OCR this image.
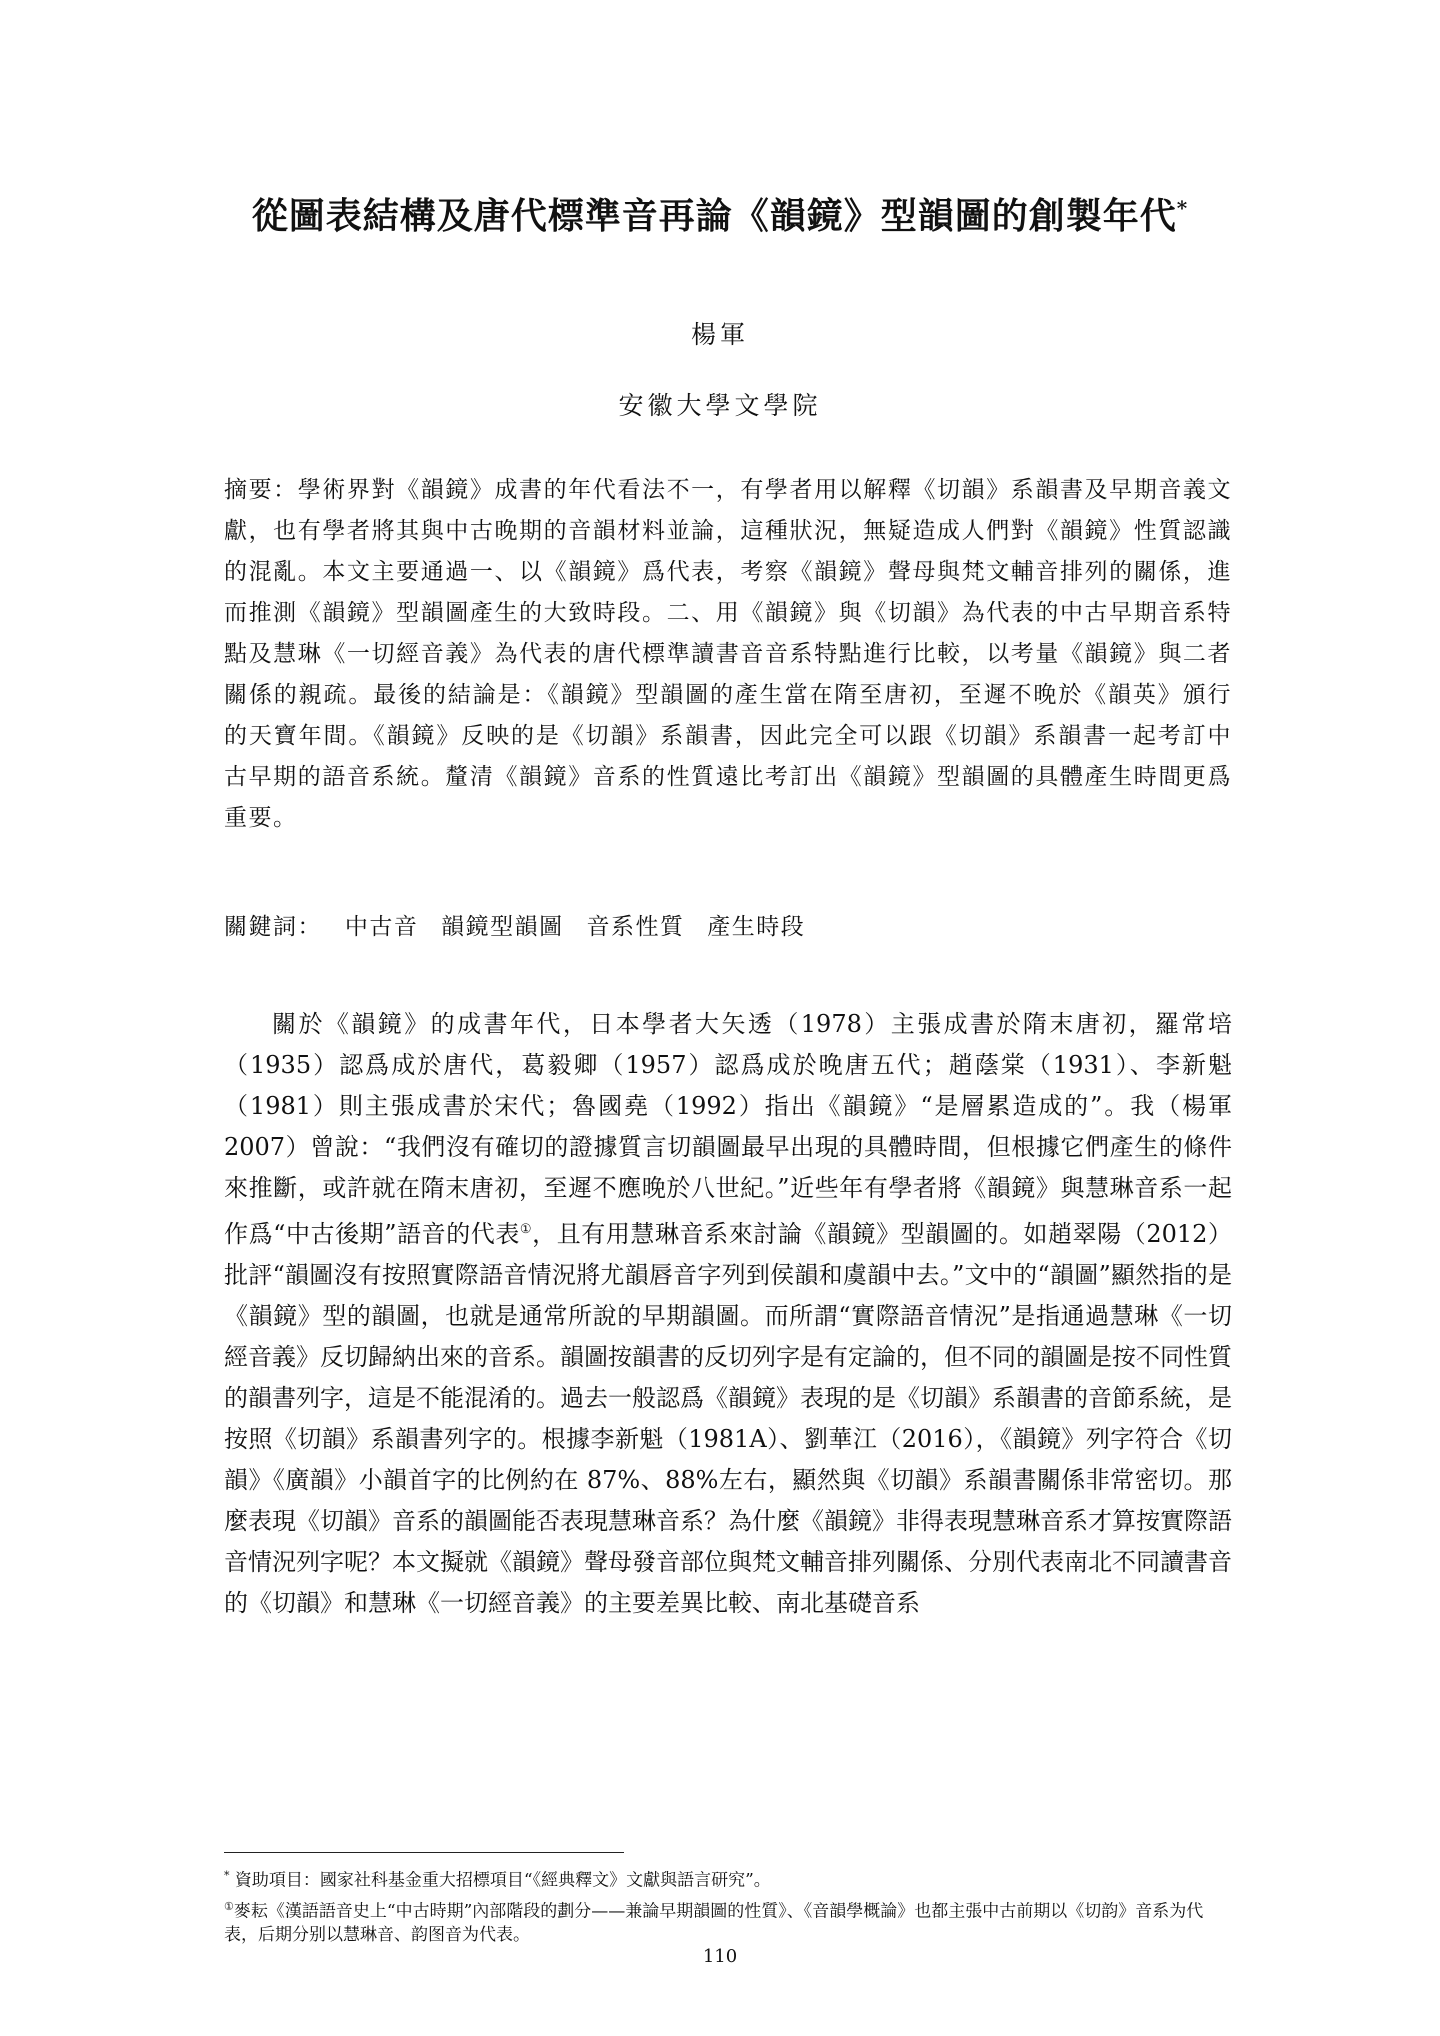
從圖表結構及唐代標準音再論《韻鏡》型韻圖的創製年代*
楊軍
安徽大學文學院

摘要：學術界對《韻鏡》成書的年代看法不一，有學者用以解釋《切韻》系韻書及早期音義文獻，也有學者將其與中古晚期的音韻材料並論，這種狀況，無疑造成人們對《韻鏡》性質認識的混亂。本文主要通過一、以《韻鏡》爲代表，考察《韻鏡》聲母與梵文輔音排列的關係，進而推測《韻鏡》型韻圖產生的大致時段。二、用《韻鏡》與《切韻》為代表的中古早期音系特點及慧琳《一切經音義》為代表的唐代標準讀書音音系特點進行比較，以考量《韻鏡》與二者關係的親疏。最後的結論是：《韻鏡》型韻圖的產生當在隋至唐初，至遲不晚於《韻英》頒行的天寶年間。《韻鏡》反映的是《切韻》系韻書，因此完全可以跟《切韻》系韻書一起考訂中古早期的語音系統。釐清《韻鏡》音系的性質遠比考訂出《韻鏡》型韻圖的具體產生時間更爲重要。

關鍵詞： 中古音 韻鏡型韻圖 音系性質 產生時段

關於《韻鏡》的成書年代，日本學者大矢透（1978）主張成書於隋末唐初，羅常培（1935）認爲成於唐代，葛毅卿（1957）認爲成於晚唐五代；趙蔭棠（1931）、李新魁（1981）則主張成書於宋代；魯國堯（1992）指出《韻鏡》“是層累造成的”。我（楊軍 2007）曾說：“我們沒有確切的證據質言切韻圖最早出現的具體時間，但根據它們產生的條件來推斷，或許就在隋末唐初，至遲不應晚於八世紀。”近些年有學者將《韻鏡》與慧琳音系一起作爲“中古後期”語音的代表①，且有用慧琳音系來討論《韻鏡》型韻圖的。如趙翠陽（2012）批評“韻圖沒有按照實際語音情況將尤韻唇音字列到侯韻和虞韻中去。”文中的“韻圖”顯然指的是《韻鏡》型的韻圖，也就是通常所說的早期韻圖。而所謂“實際語音情況”是指通過慧琳《一切經音義》反切歸納出來的音系。韻圖按韻書的反切列字是有定論的，但不同的韻圖是按不同性質的韻書列字，這是不能混淆的。過去一般認爲《韻鏡》表現的是《切韻》系韻書的音節系統，是按照《切韻》系韻書列字的。根據李新魁（1981A）、劉華江（2016），《韻鏡》列字符合《切韻》《廣韻》小韻首字的比例約在 87%、88%左右，顯然與《切韻》系韻書關係非常密切。那麼表現《切韻》音系的韻圖能否表現慧琳音系？為什麼《韻鏡》非得表現慧琳音系才算按實際語音情況列字呢？本文擬就《韻鏡》聲母發音部位與梵文輔音排列關係、分別代表南北不同讀書音的《切韻》和慧琳《一切經音義》的主要差異比較、南北基礎音系

* 資助項目：國家社科基金重大招標項目“《經典釋文》文獻與語言研究”。

①麥耘《漢語語音史上“中古時期”內部階段的劃分——兼論早期韻圖的性質》、《音韻學概論》也都主張中古前期以《切韵》音系为代表，后期分别以慧琳音、韵图音为代表。

110
